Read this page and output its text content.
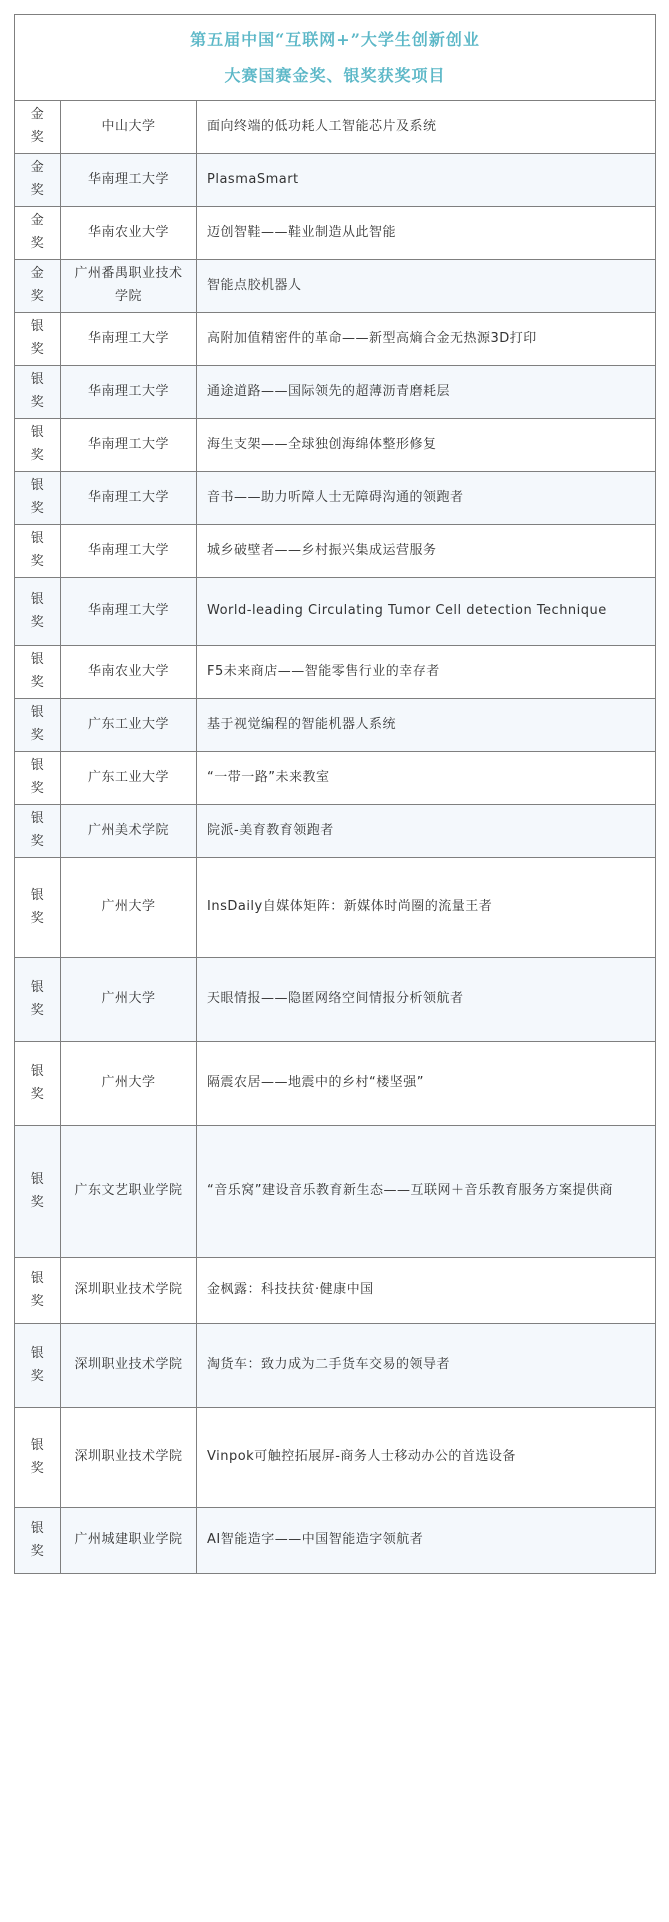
第五届中国“互联网+”大学生创新创业
大赛国赛金奖、银奖获奖项目		

金奖	中山大学	面向终端的低功耗人工智能芯片及系统
金奖	华南理工大学	PlasmaSmart
金奖	华南农业大学	迈创智鞋——鞋业制造从此智能
金奖	广州番禺职业技术学院	智能点胶机器人
银奖	华南理工大学	高附加值精密件的革命——新型高熵合金无热源3D打印
银奖	华南理工大学	通途道路——国际领先的超薄沥青磨耗层
银奖	华南理工大学	海生支架——全球独创海绵体整形修复
银奖	华南理工大学	音书——助力听障人士无障碍沟通的领跑者
银奖	华南理工大学	城乡破壁者——乡村振兴集成运营服务
银奖	华南理工大学	World-leading Circulating Tumor Cell detection Technique
银奖	华南农业大学	F5未来商店——智能零售行业的幸存者
银奖	广东工业大学	基于视觉编程的智能机器人系统
银奖	广东工业大学	“一带一路”未来教室
银奖	广州美术学院	院派-美育教育领跑者
银奖	广州大学	InsDaily自媒体矩阵：新媒体时尚圈的流量王者
银奖	广州大学	天眼情报——隐匿网络空间情报分析领航者
银奖	广州大学	隔震农居——地震中的乡村“楼坚强”
银奖	广东文艺职业学院	“音乐窝”建设音乐教育新生态——互联网＋音乐教育服务方案提供商
银奖	深圳职业技术学院	金枫露：科技扶贫·健康中国
银奖	深圳职业技术学院	淘货车：致力成为二手货车交易的领导者
银奖	深圳职业技术学院	Vinpok可触控拓展屏-商务人士移动办公的首选设备
银奖	广州城建职业学院	AI智能造字——中国智能造字领航者
